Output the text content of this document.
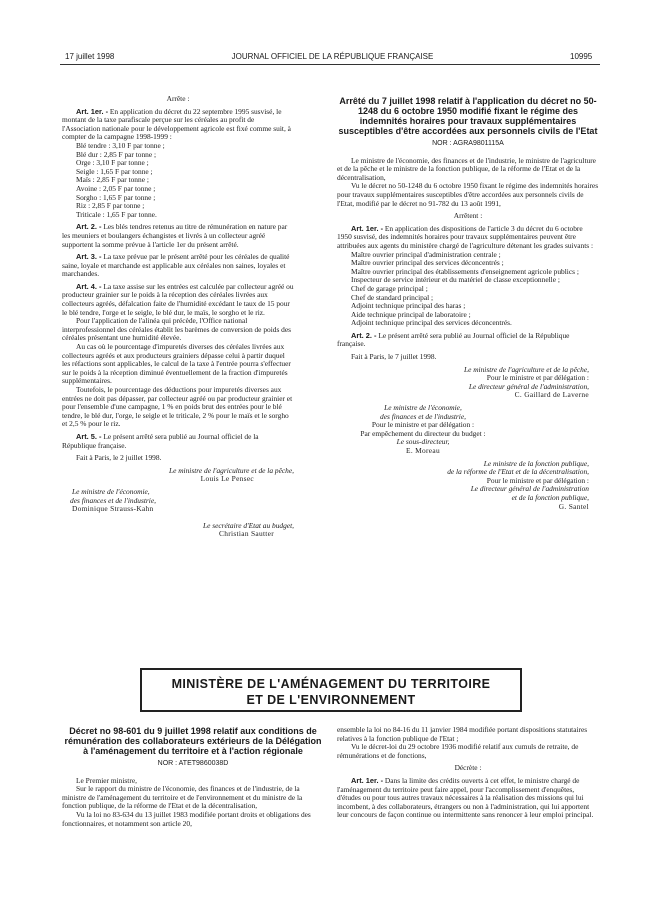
17 juillet 1998	JOURNAL OFFICIEL DE LA RÉPUBLIQUE FRANÇAISE	10995

Arrête :

Art. 1er. - En application du décret du 22 septembre 1995 susvisé, le montant de la taxe parafiscale perçue sur les céréales au profit de l'Association nationale pour le développement agricole est fixé comme suit, à compter de la campagne 1998-1999 :

Blé tendre : 3,10 F par tonne ;

Blé dur : 2,85 F par tonne ;

Orge : 3,10 F par tonne ;

Seigle : 1,65 F par tonne ;

Maïs : 2,85 F par tonne ;

Avoine : 2,05 F par tonne ;

Sorgho : 1,65 F par tonne ;

Riz : 2,85 F par tonne ;

Triticale : 1,65 F par tonne.

Art. 2. - Les blés tendres retenus au titre de rémunération en nature par les meuniers et boulangers échangistes et livrés à un collecteur agréé supportent la somme prévue à l'article 1er du présent arrêté.

Art. 3. - La taxe prévue par le présent arrêté pour les céréales de qualité saine, loyale et marchande est applicable aux céréales non saines, loyales et marchandes.

Art. 4. - La taxe assise sur les entrées est calculée par collecteur agréé ou producteur grainier sur le poids à la réception des céréales livrées aux collecteurs agréés, défalcation faite de l'humidité excédant le taux de 15 pour le blé tendre, l'orge et le seigle, le blé dur, le maïs, le sorgho et le riz.

Pour l'application de l'alinéa qui précède, l'Office national interprofessionnel des céréales établit les barèmes de conversion de poids des céréales présentant une humidité élevée.

Au cas où le pourcentage d'impuretés diverses des céréales livrées aux collecteurs agréés et aux producteurs grainiers dépasse celui à partir duquel les réfactions sont applicables, le calcul de la taxe à l'entrée pourra s'effectuer sur le poids à la réception diminué éventuellement de la fraction d'impuretés supplémentaires.

Toutefois, le pourcentage des déductions pour impuretés diverses aux entrées ne doit pas dépasser, par collecteur agréé ou par producteur grainier et pour l'ensemble d'une campagne, 1 % en poids brut des entrées pour le blé tendre, le blé dur, l'orge, le seigle et le triticale, 2 % pour le maïs et le sorgho et 2,5 % pour le riz.

Art. 5. - Le présent arrêté sera publié au Journal officiel de la République française.

Fait à Paris, le 2 juillet 1998.

Le ministre de l'agriculture et de la pêche,

Louis Le Pensec

Le ministre de l'économie,

des finances et de l'industrie,

Dominique Strauss-Kahn

Le secrétaire d'Etat au budget,

Christian Sautter

Arrêté du 7 juillet 1998 relatif à l'application du décret no 50-1248 du 6 octobre 1950 modifié fixant le régime des indemnités horaires pour travaux supplémentaires susceptibles d'être accordées aux personnels civils de l'Etat

NOR : AGRA9801115A

Le ministre de l'économie, des finances et de l'industrie, le ministre de l'agriculture et de la pêche et le ministre de la fonction publique, de la réforme de l'Etat et de la décentralisation,

Vu le décret no 50-1248 du 6 octobre 1950 fixant le régime des indemnités horaires pour travaux supplémentaires susceptibles d'être accordées aux personnels civils de l'Etat, modifié par le décret no 91-782 du 13 août 1991,

Arrêtent :

Art. 1er. - En application des dispositions de l'article 3 du décret du 6 octobre 1950 susvisé, des indemnités horaires pour travaux supplémentaires peuvent être attribuées aux agents du ministère chargé de l'agriculture détenant les grades suivants :

Maître ouvrier principal d'administration centrale ;

Maître ouvrier principal des services déconcentrés ;

Maître ouvrier principal des établissements d'enseignement agricole publics ;

Inspecteur de service intérieur et du matériel de classe exceptionnelle ;

Chef de garage principal ;

Chef de standard principal ;

Adjoint technique principal des haras ;

Aide technique principal de laboratoire ;

Adjoint technique principal des services déconcentrés.

Art. 2. - Le présent arrêté sera publié au Journal officiel de la République française.

Fait à Paris, le 7 juillet 1998.

Le ministre de l'agriculture et de la pêche,

Pour le ministre et par délégation :

Le directeur général de l'administration,

C. Gaillard de Laverne

Le ministre de l'économie,

des finances et de l'industrie,

Pour le ministre et par délégation :

Par empêchement du directeur du budget :

Le sous-directeur,

E. Moreau

Le ministre de la fonction publique,

de la réforme de l'Etat et de la décentralisation,

Pour le ministre et par délégation :

Le directeur général de l'administration

et de la fonction publique,

G. Santel

MINISTÈRE DE L'AMÉNAGEMENT DU TERRITOIRE
ET DE L'ENVIRONNEMENT

Décret no 98-601 du 9 juillet 1998 relatif aux conditions de rémunération des collaborateurs extérieurs de la Délégation à l'aménagement du territoire et à l'action régionale

NOR : ATET9860038D

Le Premier ministre,

Sur le rapport du ministre de l'économie, des finances et de l'industrie, de la ministre de l'aménagement du territoire et de l'environnement et du ministre de la fonction publique, de la réforme de l'Etat et de la décentralisation,

Vu la loi no 83-634 du 13 juillet 1983 modifiée portant droits et obligations des fonctionnaires, et notamment son article 20,

ensemble la loi no 84-16 du 11 janvier 1984 modifiée portant dispositions statutaires relatives à la fonction publique de l'Etat ;

Vu le décret-loi du 29 octobre 1936 modifié relatif aux cumuls de retraite, de rémunérations et de fonctions,

Décrète :

Art. 1er. - Dans la limite des crédits ouverts à cet effet, le ministre chargé de l'aménagement du territoire peut faire appel, pour l'accomplissement d'enquêtes, d'études ou pour tous autres travaux nécessaires à la réalisation des missions qui lui incombent, à des collaborateurs, étrangers ou non à l'administration, qui lui apportent leur concours de façon continue ou intermittente sans renoncer à leur emploi principal.
